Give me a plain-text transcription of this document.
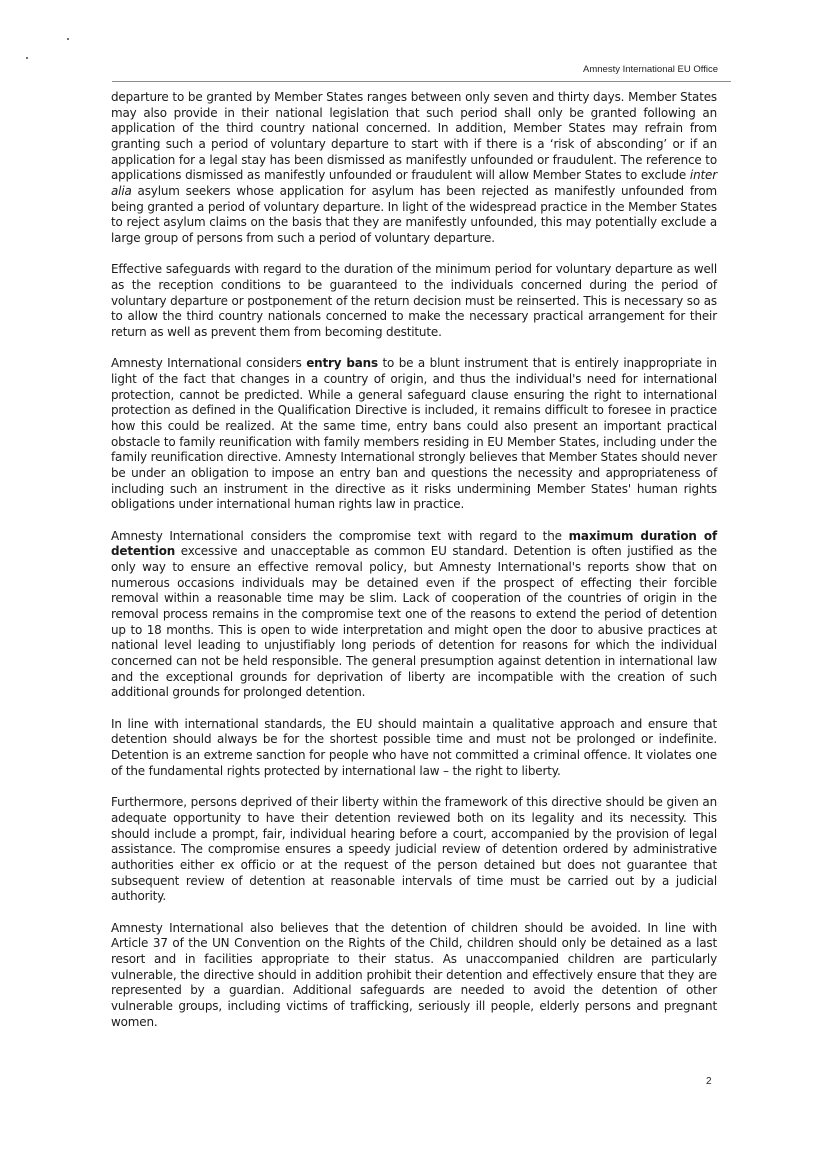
Amnesty International EU Office

departure to be granted by Member States ranges between only seven and thirty days. Member States may also provide in their national legislation that such period shall only be granted following an application of the third country national concerned. In addition, Member States may refrain from granting such a period of voluntary departure to start with if there is a ‘risk of absconding’ or if an application for a legal stay has been dismissed as manifestly unfounded or fraudulent. The reference to applications dismissed as manifestly unfounded or fraudulent will allow Member States to exclude inter alia asylum seekers whose application for asylum has been rejected as manifestly unfounded from being granted a period of voluntary departure. In light of the widespread practice in the Member States to reject asylum claims on the basis that they are manifestly unfounded, this may potentially exclude a large group of persons from such a period of voluntary departure.

Effective safeguards with regard to the duration of the minimum period for voluntary departure as well as the reception conditions to be guaranteed to the individuals concerned during the period of voluntary departure or postponement of the return decision must be reinserted. This is necessary so as to allow the third country nationals concerned to make the necessary practical arrangement for their return as well as prevent them from becoming destitute.

Amnesty International considers entry bans to be a blunt instrument that is entirely inappropriate in light of the fact that changes in a country of origin, and thus the individual's need for international protection, cannot be predicted. While a general safeguard clause ensuring the right to international protection as defined in the Qualification Directive is included, it remains difficult to foresee in practice how this could be realized. At the same time, entry bans could also present an important practical obstacle to family reunification with family members residing in EU Member States, including under the family reunification directive. Amnesty International strongly believes that Member States should never be under an obligation to impose an entry ban and questions the necessity and appropriateness of including such an instrument in the directive as it risks undermining Member States' human rights obligations under international human rights law in practice.

Amnesty International considers the compromise text with regard to the maximum duration of detention excessive and unacceptable as common EU standard. Detention is often justified as the only way to ensure an effective removal policy, but Amnesty International's reports show that on numerous occasions individuals may be detained even if the prospect of effecting their forcible removal within a reasonable time may be slim. Lack of cooperation of the countries of origin in the removal process remains in the compromise text one of the reasons to extend the period of detention up to 18 months. This is open to wide interpretation and might open the door to abusive practices at national level leading to unjustifiably long periods of detention for reasons for which the individual concerned can not be held responsible. The general presumption against detention in international law and the exceptional grounds for deprivation of liberty are incompatible with the creation of such additional grounds for prolonged detention.

In line with international standards, the EU should maintain a qualitative approach and ensure that detention should always be for the shortest possible time and must not be prolonged or indefinite. Detention is an extreme sanction for people who have not committed a criminal offence. It violates one of the fundamental rights protected by international law – the right to liberty.

Furthermore, persons deprived of their liberty within the framework of this directive should be given an adequate opportunity to have their detention reviewed both on its legality and its necessity. This should include a prompt, fair, individual hearing before a court, accompanied by the provision of legal assistance. The compromise ensures a speedy judicial review of detention ordered by administrative authorities either ex officio or at the request of the person detained but does not guarantee that subsequent review of detention at reasonable intervals of time must be carried out by a judicial authority.

Amnesty International also believes that the detention of children should be avoided. In line with Article 37 of the UN Convention on the Rights of the Child, children should only be detained as a last resort and in facilities appropriate to their status. As unaccompanied children are particularly vulnerable, the directive should in addition prohibit their detention and effectively ensure that they are represented by a guardian. Additional safeguards are needed to avoid the detention of other vulnerable groups, including victims of trafficking, seriously ill people, elderly persons and pregnant women.

2
